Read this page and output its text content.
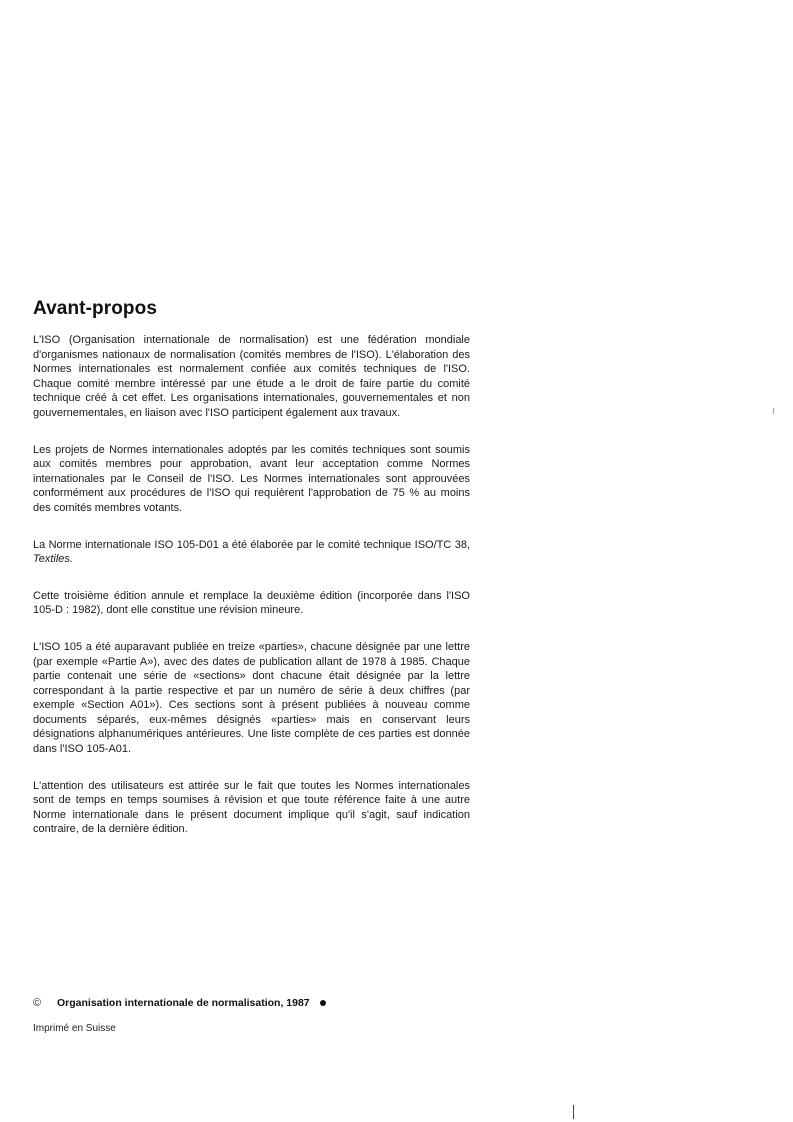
Avant-propos

L'ISO (Organisation internationale de normalisation) est une fédération mondiale d'organismes nationaux de normalisation (comités membres de l'ISO). L'élaboration des Normes internationales est normalement confiée aux comités techniques de l'ISO. Chaque comité membre intéressé par une étude a le droit de faire partie du comité technique créé à cet effet. Les organisations internationales, gouvernementales et non gouvernementales, en liaison avec l'ISO participent également aux travaux.

Les projets de Normes internationales adoptés par les comités techniques sont soumis aux comités membres pour approbation, avant leur acceptation comme Normes internationales par le Conseil de l'ISO. Les Normes internationales sont approuvées conformément aux procédures de l'ISO qui requièrent l'approbation de 75 % au moins des comités membres votants.

La Norme internationale ISO 105-D01 a été élaborée par le comité technique ISO/TC 38, Textiles.

Cette troisième édition annule et remplace la deuxième édition (incorporée dans l'ISO 105-D : 1982), dont elle constitue une révision mineure.

L'ISO 105 a été auparavant publiée en treize «parties», chacune désignée par une lettre (par exemple «Partie A»), avec des dates de publication allant de 1978 à 1985. Chaque partie contenait une série de «sections» dont chacune était désignée par la lettre correspondant à la partie respective et par un numéro de série à deux chiffres (par exemple «Section A01»). Ces sections sont à présent publiées à nouveau comme documents séparés, eux-mêmes désignés «parties» mais en conservant leurs désignations alphanumériques antérieures. Une liste complète de ces parties est donnée dans l'ISO 105-A01.

L'attention des utilisateurs est attirée sur le fait que toutes les Normes internationales sont de temps en temps soumises à révision et que toute référence faite à une autre Norme internationale dans le présent document implique qu'il s'agit, sauf indication contraire, de la dernière édition.

©	Organisation internationale de normalisation, 1987
Imprimé en Suisse
